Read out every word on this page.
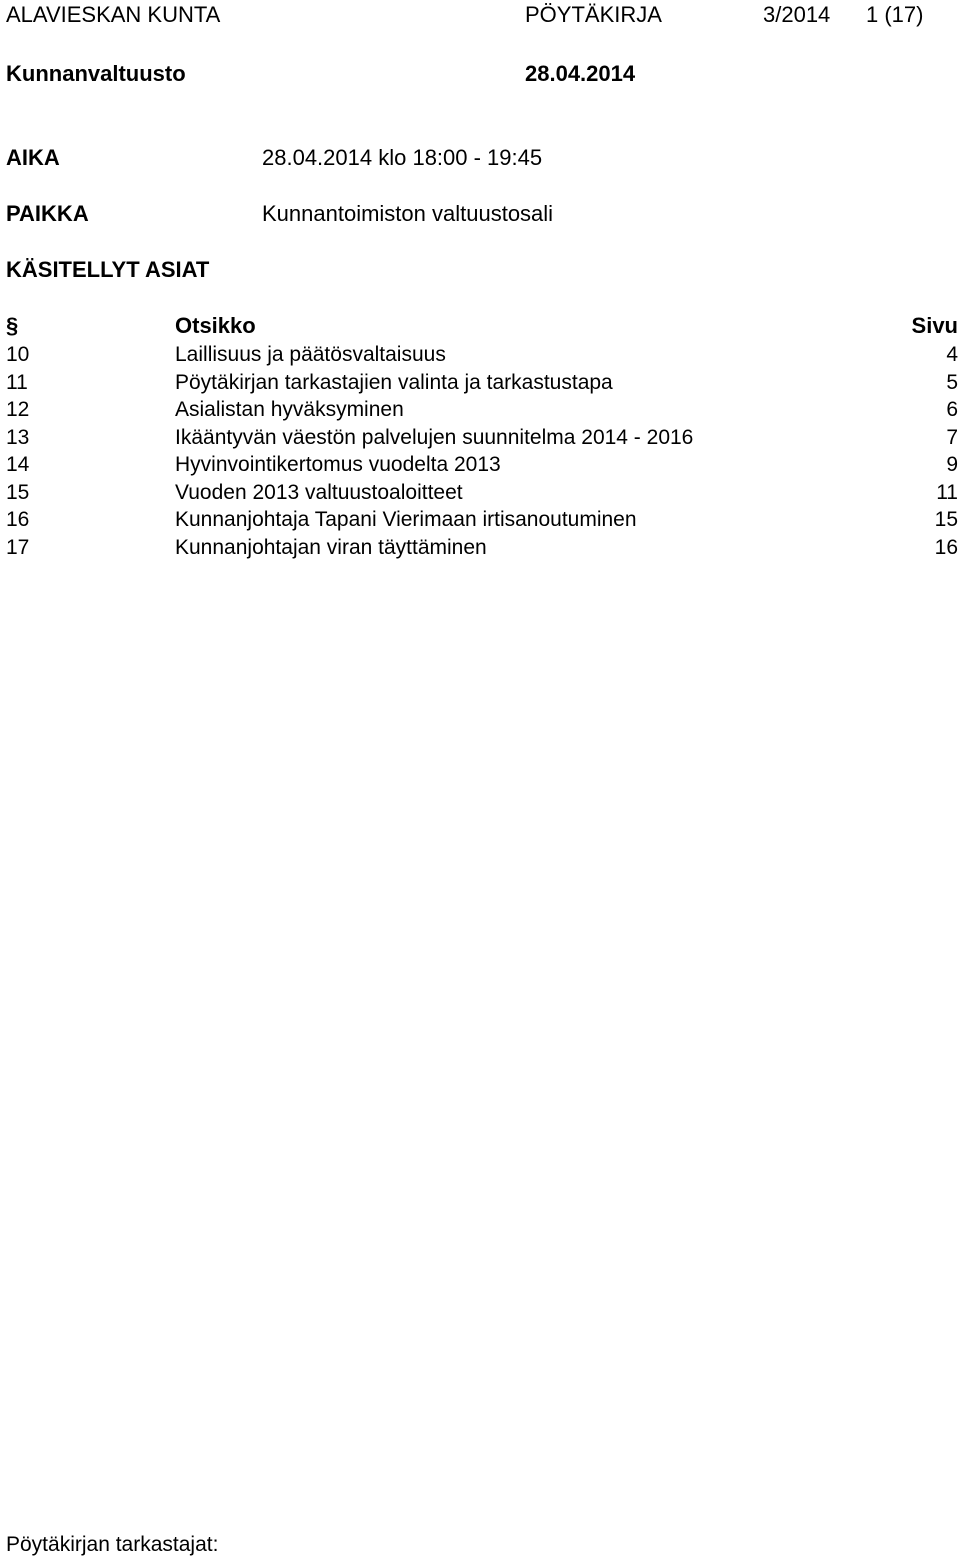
ALAVIESKAN KUNTA	PÖYTÄKIRJA	3/2014 1 (17)
Kunnanvaltuusto	28.04.2014
AIKA	28.04.2014 klo 18:00 - 19:45
PAIKKA	Kunnantoimiston valtuustosali
KÄSITELLYT ASIAT
§	Otsikko	Sivu
10	Laillisuus ja päätösvaltaisuus	4
11	Pöytäkirjan tarkastajien valinta ja tarkastustapa	5
12	Asialistan hyväksyminen	6
13	Ikääntyvän väestön palvelujen suunnitelma 2014 - 2016	7
14	Hyvinvointikertomus vuodelta 2013	9
15	Vuoden 2013 valtuustoaloitteet	11
16	Kunnanjohtaja Tapani Vierimaan irtisanoutuminen	15
17	Kunnanjohtajan viran täyttäminen	16
Pöytäkirjan tarkastajat:
